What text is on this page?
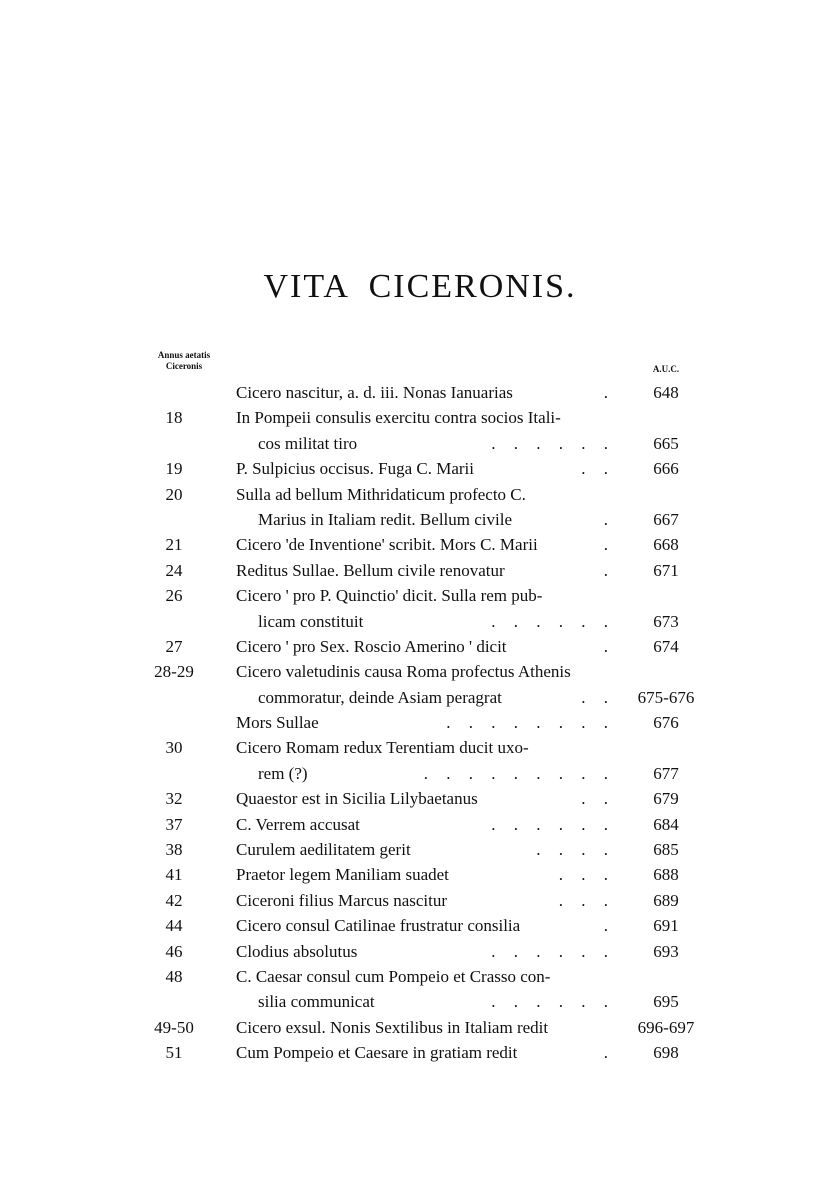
VITA CICERONIS.
Annus aetatis
Ciceronis	A.U.C.
Cicero nascitur, a. d. iii. Nonas Ianuarias	.	648
18	In Pompeii consulis exercitu contra socios Itali-
cos militat tiro	. . . . . .	665
19	P. Sulpicius occisus. Fuga C. Marii	. .	666
20	Sulla ad bellum Mithridaticum profecto C.
Marius in Italiam redit. Bellum civile	.	667
21	Cicero 'de Inventione' scribit. Mors C. Marii	.	668
24	Reditus Sullae. Bellum civile renovatur	.	671
26	Cicero ' pro P. Quinctio' dicit. Sulla rem pub-
licam constituit	. . . . . .	673
27	Cicero ' pro Sex. Roscio Amerino ' dicit	.	674
28-29	Cicero valetudinis causa Roma profectus Athenis
commoratur, deinde Asiam peragrat	. .	675-676
Mors Sullae	. . . . . . . .	676
30	Cicero Romam redux Terentiam ducit uxo-
rem (?)	. . . . . . . . .	677
32	Quaestor est in Sicilia Lilybaetanus	. .	679
37	C. Verrem accusat	. . . . . .	684
38	Curulem aedilitatem gerit	. . . .	685
41	Praetor legem Maniliam suadet	. . .	688
42	Ciceroni filius Marcus nascitur	. . .	689
44	Cicero consul Catilinae frustratur consilia	.	691
46	Clodius absolutus	. . . . . .	693
48	C. Caesar consul cum Pompeio et Crasso con-
silia communicat	. . . . . .	695
49-50	Cicero exsul. Nonis Sextilibus in Italiam redit	696-697
51	Cum Pompeio et Caesare in gratiam redit	.	698
